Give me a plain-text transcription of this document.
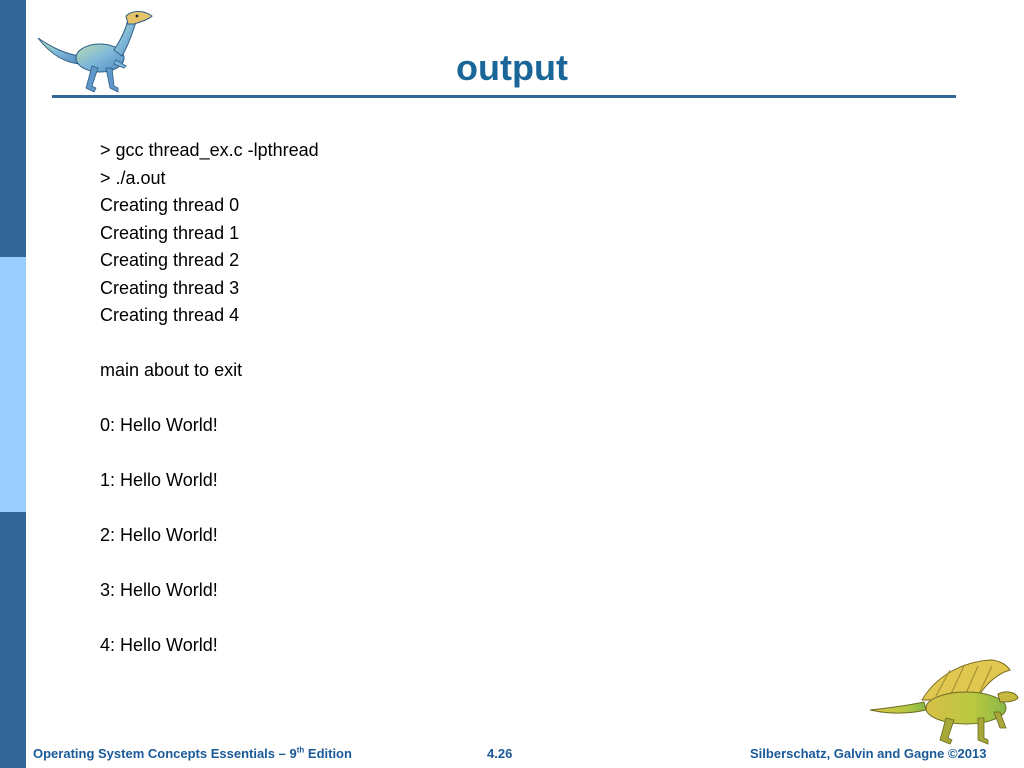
output
> gcc thread_ex.c -lpthread
> ./a.out
Creating thread 0
Creating thread 1
Creating thread 2
Creating thread 3
Creating thread 4
main about to exit
0: Hello World!
1: Hello World!
2: Hello World!
3: Hello World!
4: Hello World!
Operating System Concepts Essentials – 9th Edition	4.26	Silberschatz, Galvin and Gagne ©2013
